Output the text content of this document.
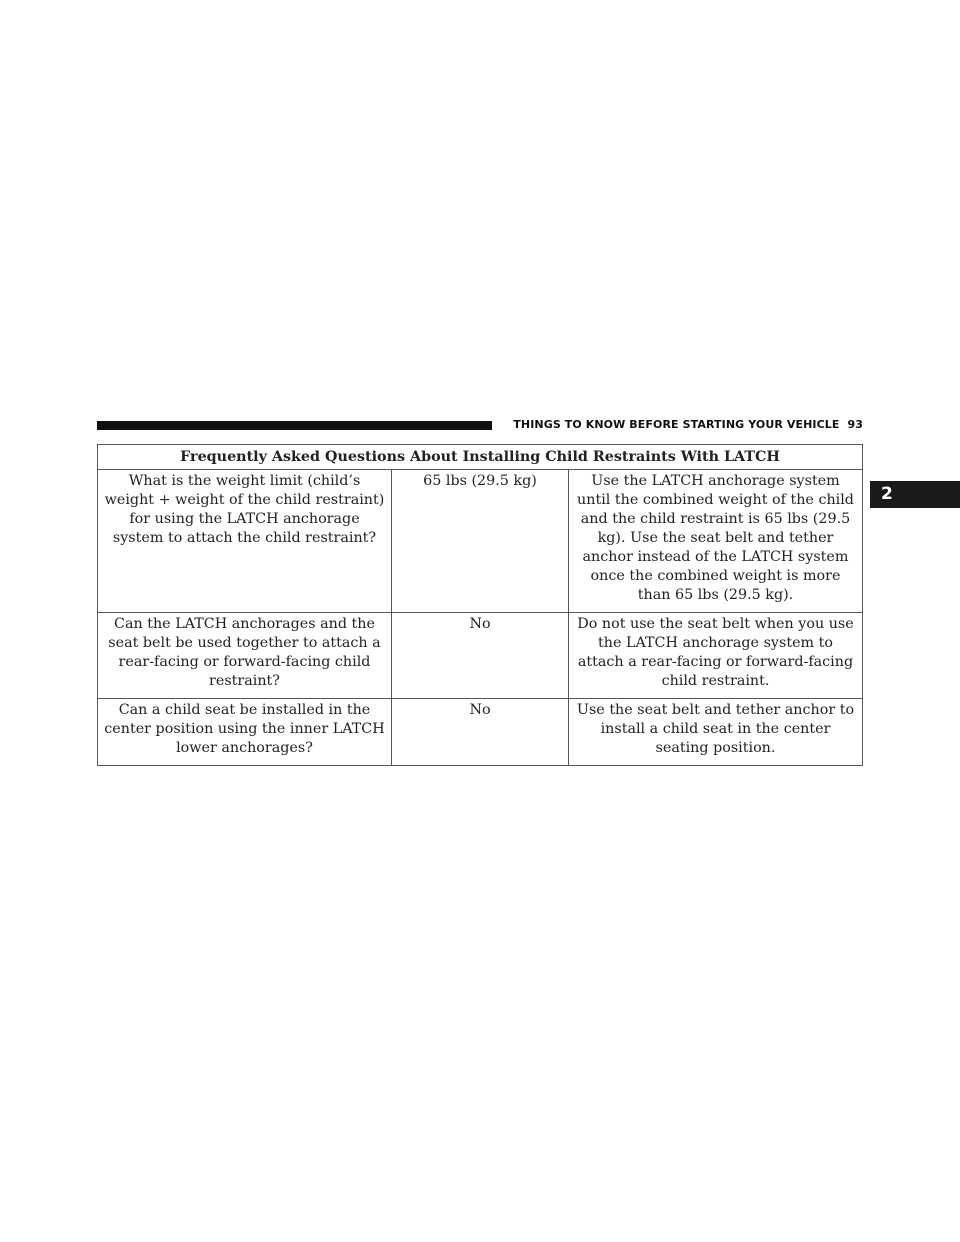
THINGS TO KNOW BEFORE STARTING YOUR VEHICLE 93
2
Frequently Asked Questions About Installing Child Restraints With LATCH		
What is the weight limit (child’s weight + weight of the child restraint) for using the LATCH anchorage system to attach the child restraint?	65 lbs (29.5 kg)	Use the LATCH anchorage system until the combined weight of the child and the child restraint is 65 lbs (29.5 kg). Use the seat belt and tether anchor instead of the LATCH system once the combined weight is more than 65 lbs (29.5 kg).
Can the LATCH anchorages and the seat belt be used together to attach a rear-facing or forward-facing child restraint?	No	Do not use the seat belt when you use the LATCH anchorage system to attach a rear-facing or forward-facing child restraint.
Can a child seat be installed in the center position using the inner LATCH lower anchorages?	No	Use the seat belt and tether anchor to install a child seat in the center seating position.
